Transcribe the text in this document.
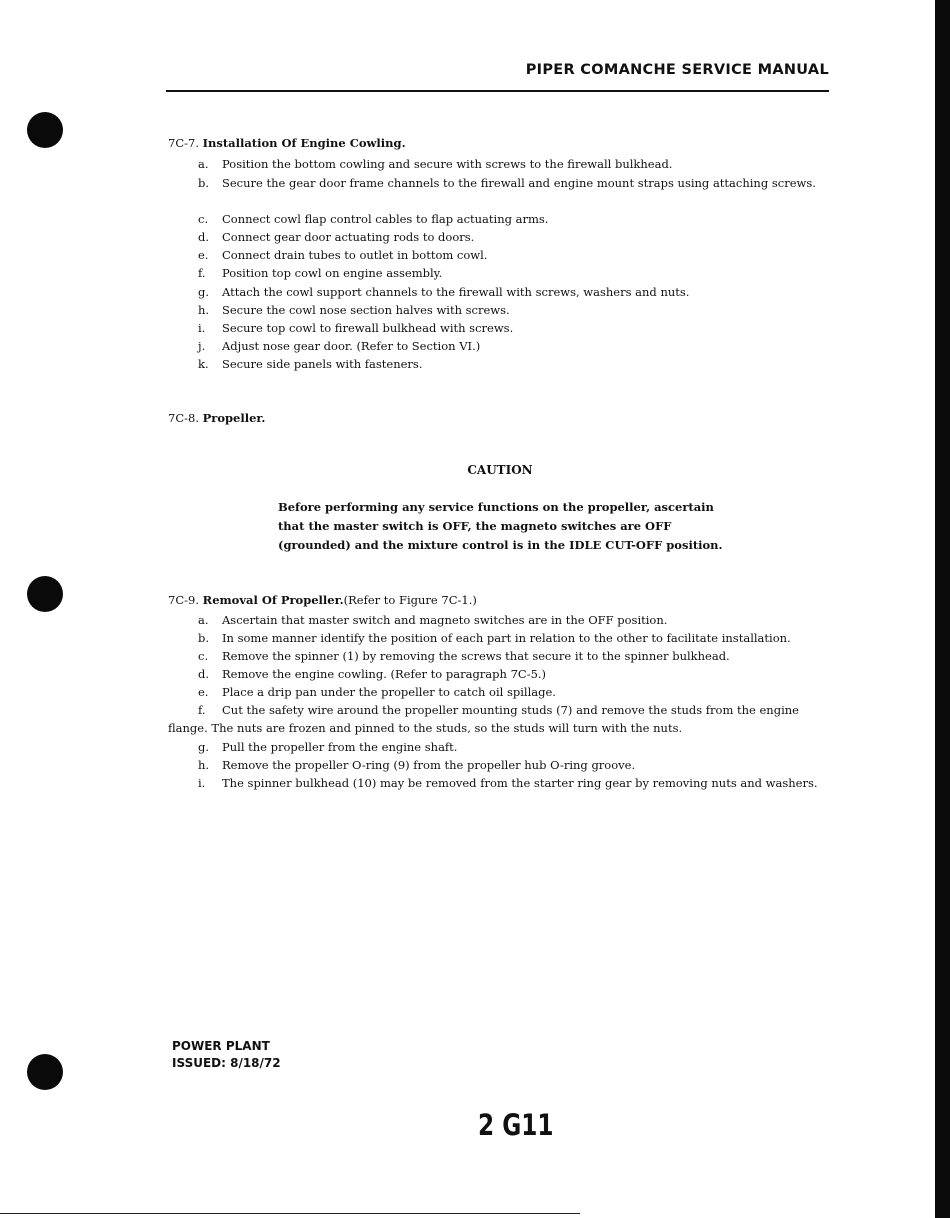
PIPER COMANCHE SERVICE MANUAL
7C-7. Installation Of Engine Cowling.
a.	Position the bottom cowling and secure with screws to the firewall bulkhead.
b.	Secure the gear door frame channels to the firewall and engine mount straps using attaching screws.
c.	Connect cowl flap control cables to flap actuating arms.
d.	Connect gear door actuating rods to doors.
e.	Connect drain tubes to outlet in bottom cowl.
f.	Position top cowl on engine assembly.
g.	Attach the cowl support channels to the firewall with screws, washers and nuts.
h.	Secure the cowl nose section halves with screws.
i.	Secure top cowl to firewall bulkhead with screws.
j.	Adjust nose gear door. (Refer to Section VI.)
k.	Secure side panels with fasteners.
7C-8. Propeller.
CAUTION
Before performing any service functions on the propeller, ascertain that the master switch is OFF, the magneto switches are OFF (grounded) and the mixture control is in the IDLE CUT-OFF position.
7C-9. Removal Of Propeller.(Refer to Figure 7C-1.)
a.	Ascertain that master switch and magneto switches are in the OFF position.
b.	In some manner identify the position of each part in relation to the other to facilitate installation.
c.	Remove the spinner (1) by removing the screws that secure it to the spinner bulkhead.
d.	Remove the engine cowling. (Refer to paragraph 7C-5.)
e.	Place a drip pan under the propeller to catch oil spillage.
f.	Cut the safety wire around the propeller mounting studs (7) and remove the studs from the engine flange. The nuts are frozen and pinned to the studs, so the studs will turn with the nuts.
g.	Pull the propeller from the engine shaft.
h.	Remove the propeller O-ring (9) from the propeller hub O-ring groove.
i.	The spinner bulkhead (10) may be removed from the starter ring gear by removing nuts and washers.
POWER PLANT
ISSUED: 8/18/72
2 G11
